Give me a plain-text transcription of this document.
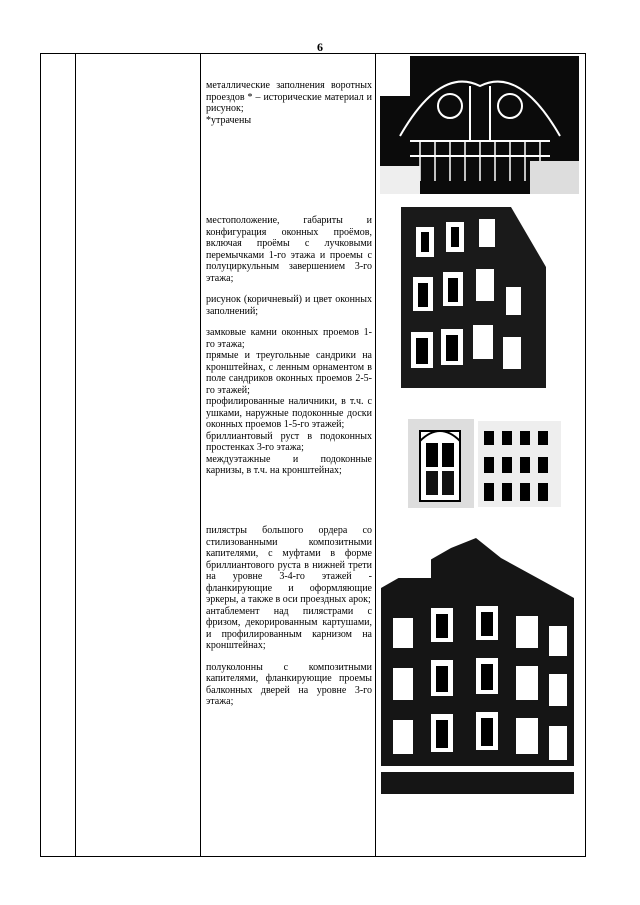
6

металлические заполнения воротных проездов * – исторические материал и рисунок;

*утрачены

местоположение, габариты и конфигурация оконных проёмов, включая проёмы с лучковыми перемычками 1-го этажа и проемы с полуциркульным завершением 3-го этажа;

рисунок (коричневый) и цвет оконных заполнений;

замковые камни оконных проемов 1-го этажа;

прямые и треугольные сандрики на кронштейнах, с ленным орнаментом в поле сандриков оконных проемов 2-5-го этажей;

профилированные наличники, в т.ч. с ушками, наружные подоконные доски оконных проемов 1-5-го этажей;

бриллиантовый руст в подоконных простенках 3-го этажа;

междуэтажные и подоконные карнизы, в т.ч. на кронштейнах;

пилястры большого ордера со стилизованными композитными капителями, с муфтами в форме бриллиантового руста в нижней трети на уровне 3-4-го этажей - фланкирующие и оформляющие эркеры, а также в оси проездных арок;

антаблемент над пилястрами с фризом, декорированным картушами, и профилированным карнизом на кронштейнах;

полуколонны с композитными капителями, фланкирующие проемы балконных дверей на уровне 3-го этажа;
